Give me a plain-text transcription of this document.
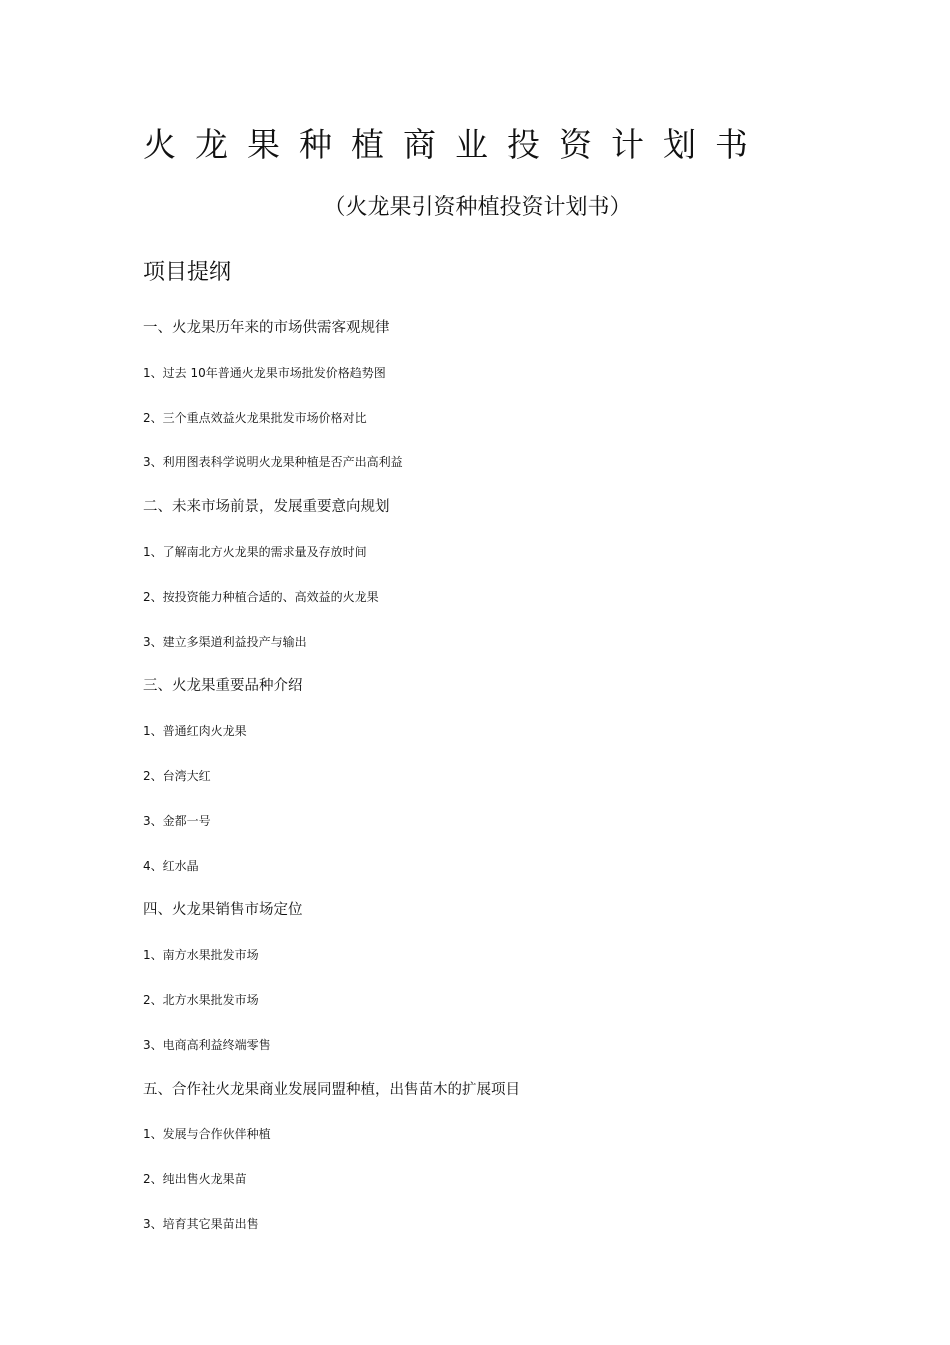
火龙果种植商业投资计划书
（火龙果引资种植投资计划书）
项目提纲
一、火龙果历年来的市场供需客观规律
1、过去 10年普通火龙果市场批发价格趋势图
2、三个重点效益火龙果批发市场价格对比
3、利用图表科学说明火龙果种植是否产出高利益
二、未来市场前景，发展重要意向规划
1、了解南北方火龙果的需求量及存放时间
2、按投资能力种植合适的、高效益的火龙果
3、建立多渠道利益投产与输出
三、火龙果重要品种介绍
1、普通红肉火龙果
2、台湾大红
3、金都一号
4、红水晶
四、火龙果销售市场定位
1、南方水果批发市场
2、北方水果批发市场
3、电商高利益终端零售
五、合作社火龙果商业发展同盟种植，出售苗木的扩展项目
1、发展与合作伙伴种植
2、纯出售火龙果苗
3、培育其它果苗出售
